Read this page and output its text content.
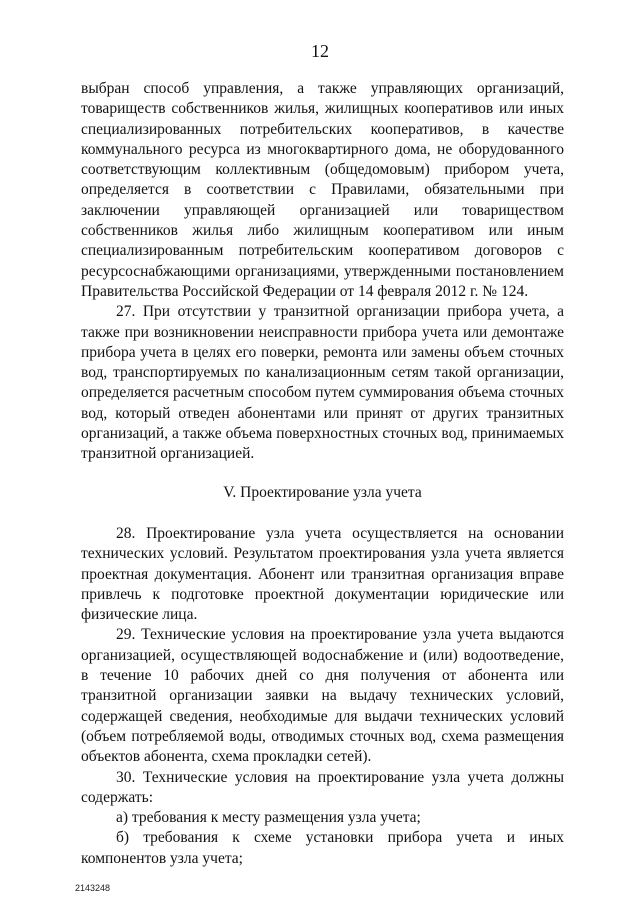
12

выбран способ управления, а также управляющих организаций, товариществ собственников жилья, жилищных кооперативов или иных специализированных потребительских кооперативов, в качестве коммунального ресурса из многоквартирного дома, не оборудованного соответствующим коллективным (общедомовым) прибором учета, определяется в соответствии с Правилами, обязательными при заключении управляющей организацией или товариществом собственников жилья либо жилищным кооперативом или иным специализированным потребительским кооперативом договоров с ресурсоснабжающими организациями, утвержденными постановлением Правительства Российской Федерации от 14 февраля 2012 г. № 124.

27. При отсутствии у транзитной организации прибора учета, а также при возникновении неисправности прибора учета или демонтаже прибора учета в целях его поверки, ремонта или замены объем сточных вод, транспортируемых по канализационным сетям такой организации, определяется расчетным способом путем суммирования объема сточных вод, который отведен абонентами или принят от других транзитных организаций, а также объема поверхностных сточных вод, принимаемых транзитной организацией.

V. Проектирование узла учета

28. Проектирование узла учета осуществляется на основании технических условий. Результатом проектирования узла учета является проектная документация. Абонент или транзитная организация вправе привлечь к подготовке проектной документации юридические или физические лица.

29. Технические условия на проектирование узла учета выдаются организацией, осуществляющей водоснабжение и (или) водоотведение, в течение 10 рабочих дней со дня получения от абонента или транзитной организации заявки на выдачу технических условий, содержащей сведения, необходимые для выдачи технических условий (объем потребляемой воды, отводимых сточных вод, схема размещения объектов абонента, схема прокладки сетей).

30. Технические условия на проектирование узла учета должны содержать:

а) требования к месту размещения узла учета;

б) требования к схеме установки прибора учета и иных компонентов узла учета;

2143248
